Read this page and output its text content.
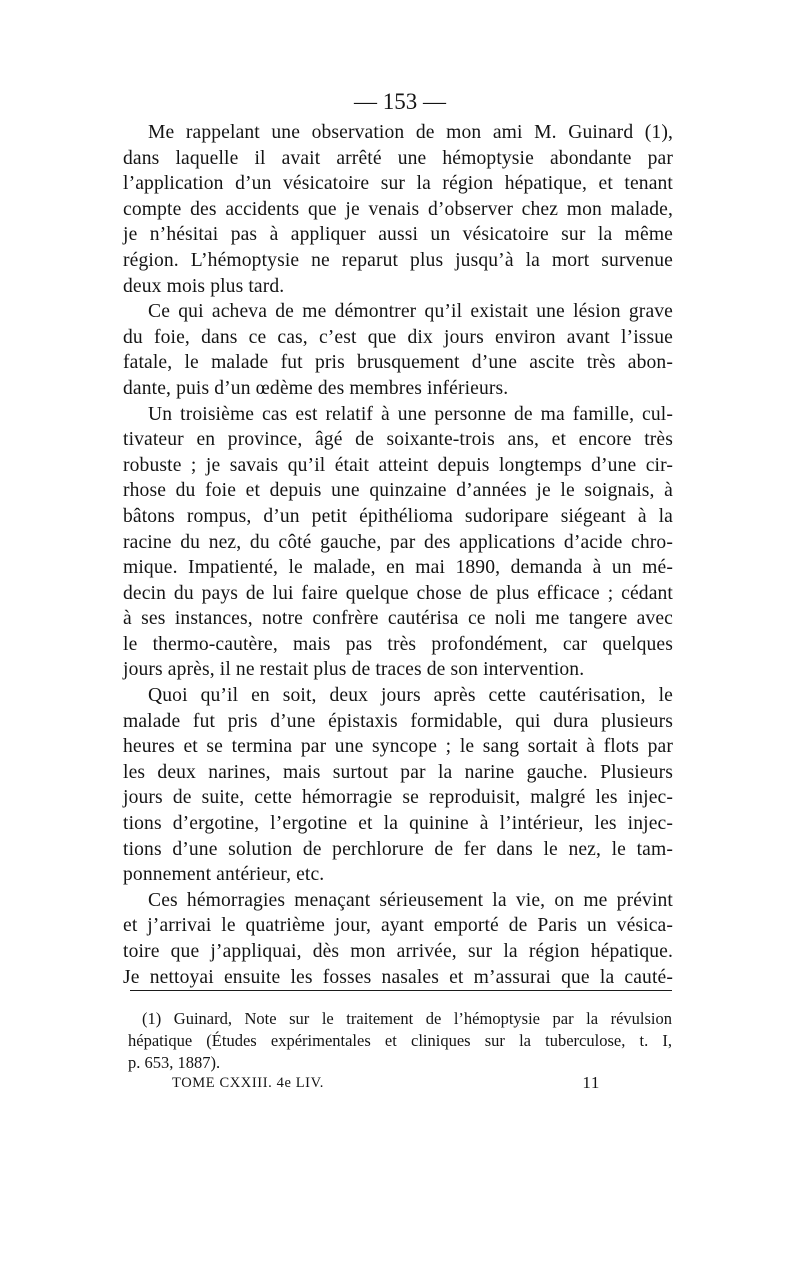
— 153 —
Me rappelant une observation de mon ami M. Guinard (1),
dans laquelle il avait arrêté une hémoptysie abondante par
l’application d’un vésicatoire sur la région hépatique, et tenant
compte des accidents que je venais d’observer chez mon malade,
je n’hésitai pas à appliquer aussi un vésicatoire sur la même
région. L’hémoptysie ne reparut plus jusqu’à la mort survenue
deux mois plus tard.
Ce qui acheva de me démontrer qu’il existait une lésion grave
du foie, dans ce cas, c’est que dix jours environ avant l’issue
fatale, le malade fut pris brusquement d’une ascite très abon-
dante, puis d’un œdème des membres inférieurs.
Un troisième cas est relatif à une personne de ma famille, cul-
tivateur en province, âgé de soixante-trois ans, et encore très
robuste ; je savais qu’il était atteint depuis longtemps d’une cir-
rhose du foie et depuis une quinzaine d’années je le soignais, à
bâtons rompus, d’un petit épithélioma sudoripare siégeant à la
racine du nez, du côté gauche, par des applications d’acide chro-
mique. Impatienté, le malade, en mai 1890, demanda à un mé-
decin du pays de lui faire quelque chose de plus efficace ; cédant
à ses instances, notre confrère cautérisa ce noli me tangere avec
le thermo-cautère, mais pas très profondément, car quelques
jours après, il ne restait plus de traces de son intervention.
Quoi qu’il en soit, deux jours après cette cautérisation, le
malade fut pris d’une épistaxis formidable, qui dura plusieurs
heures et se termina par une syncope ; le sang sortait à flots par
les deux narines, mais surtout par la narine gauche. Plusieurs
jours de suite, cette hémorragie se reproduisit, malgré les injec-
tions d’ergotine, l’ergotine et la quinine à l’intérieur, les injec-
tions d’une solution de perchlorure de fer dans le nez, le tam-
ponnement antérieur, etc.
Ces hémorragies menaçant sérieusement la vie, on me prévint
et j’arrivai le quatrième jour, ayant emporté de Paris un vésica-
toire que j’appliquai, dès mon arrivée, sur la région hépatique.
Je nettoyai ensuite les fosses nasales et m’assurai que la cauté-
(1) Guinard, Note sur le traitement de l’hémoptysie par la révulsion
hépatique (Études expérimentales et cliniques sur la tuberculose, t. I,
p. 653, 1887).
TOME CXXIII. 4e LIV.	11
